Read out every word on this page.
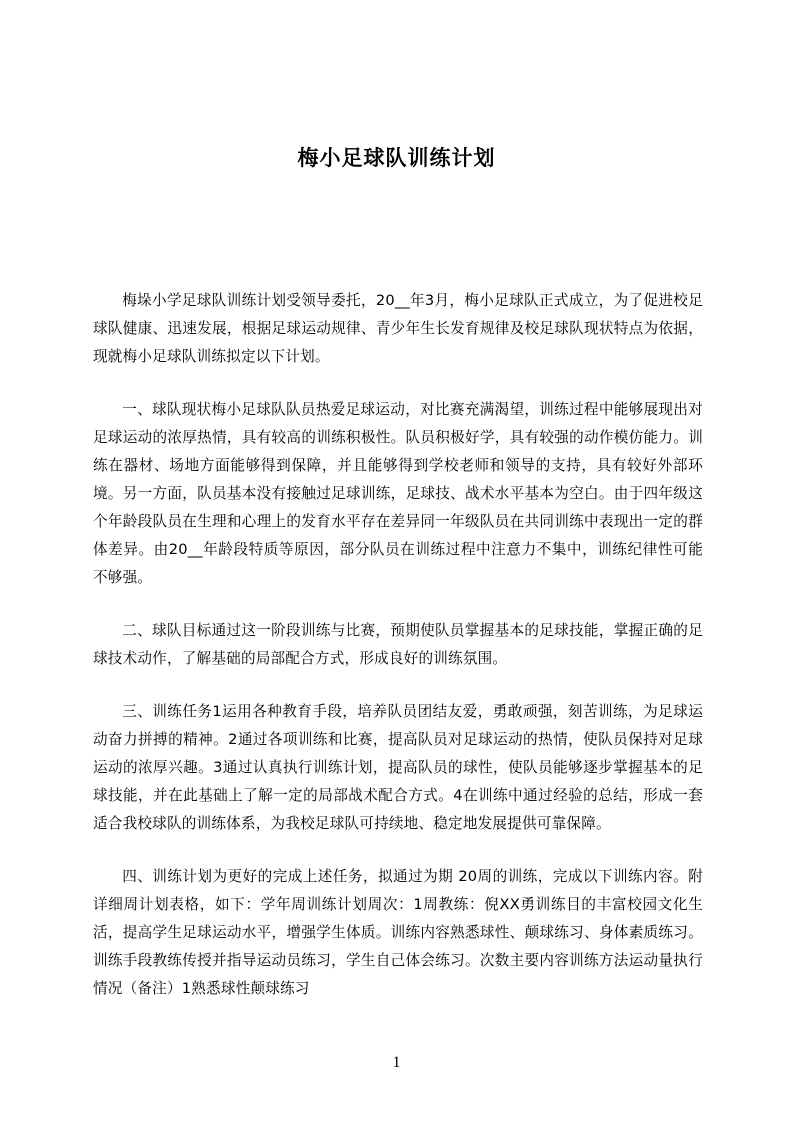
梅小足球队训练计划

梅垛小学足球队训练计划受领导委托，20__年3月，梅小足球队正式成立，为了促进校足球队健康、迅速发展，根据足球运动规律、青少年生长发育规律及校足球队现状特点为依据，现就梅小足球队训练拟定以下计划。

一、球队现状梅小足球队队员热爱足球运动，对比赛充满渴望，训练过程中能够展现出对足球运动的浓厚热情，具有较高的训练积极性。队员积极好学，具有较强的动作模仿能力。训练在器材、场地方面能够得到保障，并且能够得到学校老师和领导的支持，具有较好外部环境。另一方面，队员基本没有接触过足球训练，足球技、战术水平基本为空白。由于四年级这个年龄段队员在生理和心理上的发育水平存在差异同一年级队员在共同训练中表现出一定的群体差异。由20__年龄段特质等原因，部分队员在训练过程中注意力不集中，训练纪律性可能不够强。

二、球队目标通过这一阶段训练与比赛，预期使队员掌握基本的足球技能，掌握正确的足球技术动作，了解基础的局部配合方式，形成良好的训练氛围。

三、训练任务1运用各种教育手段，培养队员团结友爱，勇敢顽强，刻苦训练，为足球运动奋力拼搏的精神。2通过各项训练和比赛，提高队员对足球运动的热情，使队员保持对足球运动的浓厚兴趣。3通过认真执行训练计划，提高队员的球性，使队员能够逐步掌握基本的足球技能，并在此基础上了解一定的局部战术配合方式。4在训练中通过经验的总结，形成一套适合我校球队的训练体系，为我校足球队可持续地、稳定地发展提供可靠保障。

四、训练计划为更好的完成上述任务，拟通过为期 20周的训练，完成以下训练内容。附详细周计划表格，如下：学年周训练计划周次：1周教练：倪XX勇训练目的丰富校园文化生活，提高学生足球运动水平，增强学生体质。训练内容熟悉球性、颠球练习、身体素质练习。训练手段教练传授并指导运动员练习，学生自己体会练习。次数主要内容训练方法运动量执行情况（备注）1熟悉球性颠球练习

1
